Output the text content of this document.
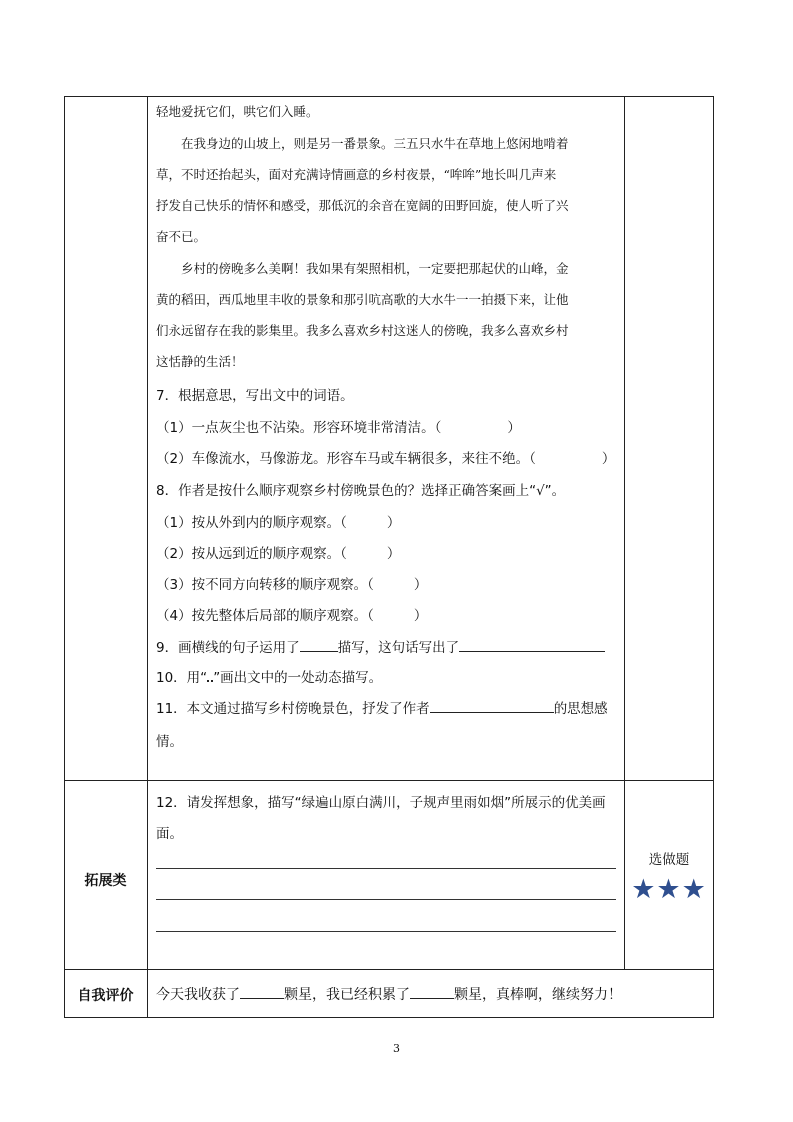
轻地爱抚它们，哄它们入睡。
　　在我身边的山坡上，则是另一番景象。三五只水牛在草地上悠闲地啃着
草，不时还抬起头，面对充满诗情画意的乡村夜景，“哞哞”地长叫几声来
抒发自己快乐的情怀和感受，那低沉的余音在宽阔的田野回旋，使人听了兴
奋不已。
　　乡村的傍晚多么美啊！我如果有架照相机，一定要把那起伏的山峰，金
黄的稻田，西瓜地里丰收的景象和那引吭高歌的大水牛一一拍摄下来，让他
们永远留存在我的影集里。我多么喜欢乡村这迷人的傍晚，我多么喜欢乡村
这恬静的生活！
7．根据意思，写出文中的词语。
（1）一点灰尘也不沾染。形容环境非常清洁。（	）
（2）车像流水，马像游龙。形容车马或车辆很多，来往不绝。（	）
8．作者是按什么顺序观察乡村傍晚景色的？选择正确答案画上“√”。
（1）按从外到内的顺序观察。（	）
（2）按从远到近的顺序观察。（	）
（3）按不同方向转移的顺序观察。（	）
（4）按先整体后局部的顺序观察。（	）
9．画横线的句子运用了	描写，这句话写出了
10．用“ ”画出文中的一处动态描写。
11．本文通过描写乡村傍晚景色，抒发了作者	的思想感
情。
拓展类
12．请发挥想象，描写“绿遍山原白满川，子规声里雨如烟”所展示的优美画
面。
选做题
★★★
自我评价	今天我收获了	颗星，我已经积累了	颗星，真棒啊，继续努力！
3
